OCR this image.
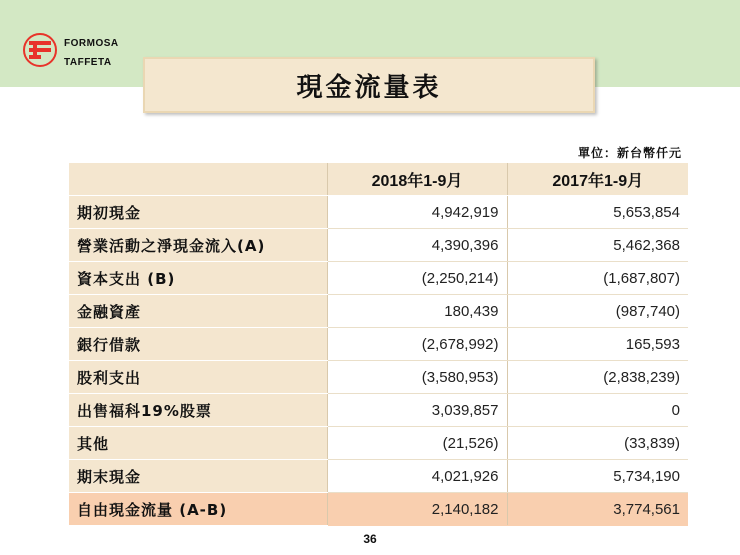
FORMOSA
TAFFETA
現金流量表
單位：新台幣仟元
	2018年1-9月	2017年1-9月
期初現金	4,942,919	5,653,854
營業活動之淨現金流入(A)	4,390,396	5,462,368
資本支出 (B)	(2,250,214)	(1,687,807)
金融資產	180,439	(987,740)
銀行借款	(2,678,992)	165,593
股利支出	(3,580,953)	(2,838,239)
出售福科19%股票	3,039,857	0
其他	(21,526)	(33,839)
期末現金	4,021,926	5,734,190
自由現金流量 (A-B)	2,140,182	3,774,561
36
